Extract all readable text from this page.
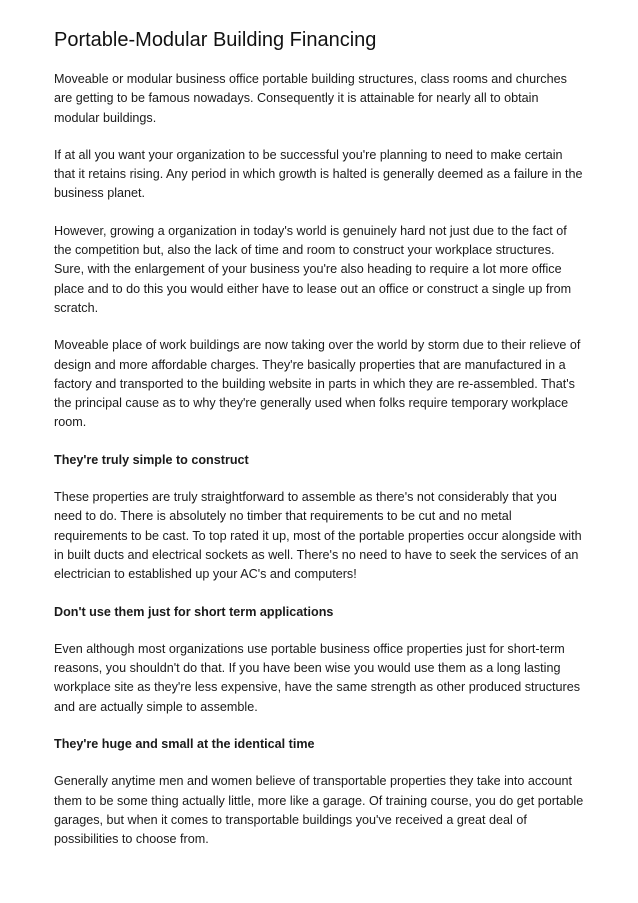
Portable-Modular Building Financing

Moveable or modular business office portable building structures, class rooms and churches are getting to be famous nowadays. Consequently it is attainable for nearly all to obtain modular buildings.

If at all you want your organization to be successful you're planning to need to make certain that it retains rising. Any period in which growth is halted is generally deemed as a failure in the business planet.

However, growing a organization in today's world is genuinely hard not just due to the fact of the competition but, also the lack of time and room to construct your workplace structures. Sure, with the enlargement of your business you're also heading to require a lot more office place and to do this you would either have to lease out an office or construct a single up from scratch.

Moveable place of work buildings are now taking over the world by storm due to their relieve of design and more affordable charges. They're basically properties that are manufactured in a factory and transported to the building website in parts in which they are re-assembled. That's the principal cause as to why they're generally used when folks require temporary workplace room.

They're truly simple to construct

These properties are truly straightforward to assemble as there's not considerably that you need to do. There is absolutely no timber that requirements to be cut and no metal requirements to be cast. To top rated it up, most of the portable properties occur alongside with in built ducts and electrical sockets as well. There's no need to have to seek the services of an electrician to established up your AC's and computers!

Don't use them just for short term applications

Even although most organizations use portable business office properties just for short-term reasons, you shouldn't do that. If you have been wise you would use them as a long lasting workplace site as they're less expensive, have the same strength as other produced structures and are actually simple to assemble.

They're huge and small at the identical time

Generally anytime men and women believe of transportable properties they take into account them to be some thing actually little, more like a garage. Of training course, you do get portable garages, but when it comes to transportable buildings you've received a great deal of possibilities to choose from.
